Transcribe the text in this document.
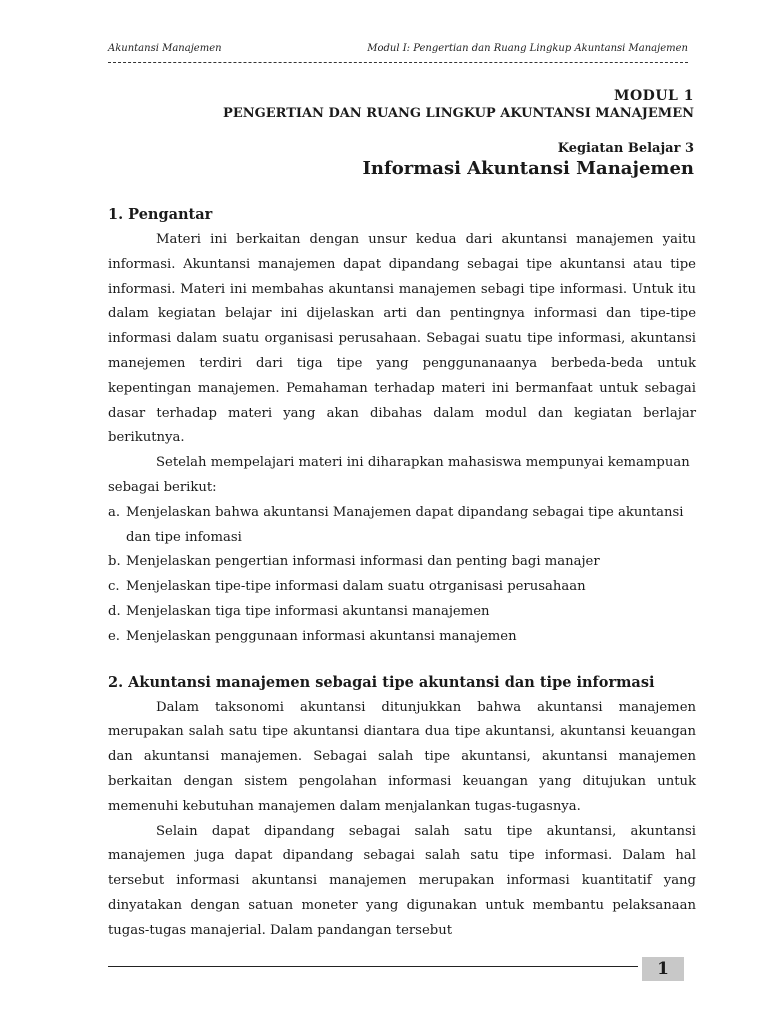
Akuntansi Manajemen	Modul I: Pengertian dan Ruang Lingkup Akuntansi Manajemen
MODUL 1
PENGERTIAN DAN RUANG LINGKUP AKUNTANSI MANAJEMEN
Kegiatan Belajar 3
Informasi Akuntansi Manajemen
1. Pengantar

Materi ini berkaitan dengan unsur kedua dari akuntansi manajemen yaitu informasi. Akuntansi manajemen dapat dipandang sebagai tipe akuntansi atau tipe informasi. Materi ini membahas akuntansi manajemen sebagi tipe informasi. Untuk itu dalam kegiatan belajar ini dijelaskan arti dan pentingnya informasi dan tipe-tipe informasi dalam suatu organisasi perusahaan. Sebagai suatu tipe informasi, akuntansi manejemen terdiri dari tiga tipe yang penggunanaanya berbeda-beda untuk kepentingan manajemen. Pemahaman terhadap materi ini bermanfaat untuk sebagai dasar terhadap materi yang akan dibahas dalam modul dan kegiatan berlajar berikutnya.

Setelah mempelajari materi ini diharapkan mahasiswa mempunyai kemampuan

sebagai berikut:

a. Menjelaskan bahwa akuntansi Manajemen dapat dipandang sebagai tipe akuntansi dan tipe infomasi
b. Menjelaskan pengertian informasi informasi dan penting bagi manajer
c. Menjelaskan tipe-tipe informasi dalam suatu otrganisasi perusahaan
d. Menjelaskan tiga tipe informasi akuntansi manajemen
e. Menjelaskan penggunaan informasi akuntansi manajemen
2. Akuntansi manajemen sebagai tipe akuntansi dan tipe informasi

Dalam taksonomi akuntansi ditunjukkan bahwa akuntansi manajemen merupakan salah satu tipe akuntansi diantara dua tipe akuntansi, akuntansi keuangan dan akuntansi manajemen. Sebagai salah tipe akuntansi, akuntansi manajemen berkaitan dengan sistem pengolahan informasi keuangan yang ditujukan untuk memenuhi kebutuhan manajemen dalam menjalankan tugas-tugasnya.

Selain dapat dipandang sebagai salah satu tipe akuntansi, akuntansi manajemen juga dapat dipandang sebagai salah satu tipe informasi. Dalam hal tersebut informasi akuntansi manajemen merupakan informasi kuantitatif yang dinyatakan dengan satuan moneter yang digunakan untuk membantu pelaksanaan tugas-tugas manajerial. Dalam pandangan tersebut

1
